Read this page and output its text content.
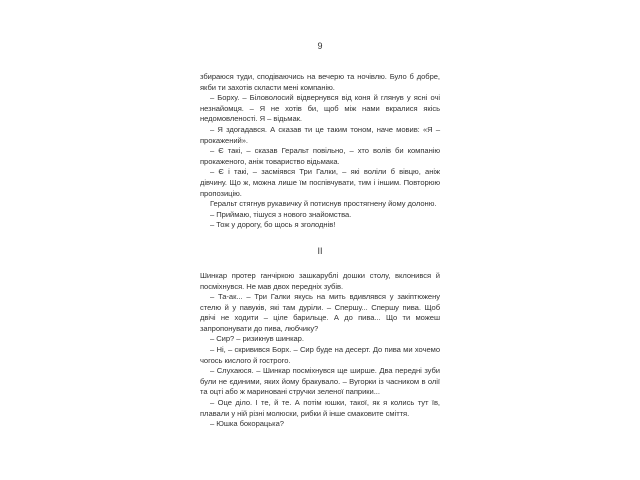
9

збираюся туди, сподіваючись на вечерю та ночівлю. Було б добре, якби ти захотів скласти мені компанію.

– Борху. – Біловолосий відвернувся від коня й глянув у ясні очі незнайомця. – Я не хотів би, щоб між нами вкралися якісь недомовленості. Я – відьмак.

– Я здогадався. А сказав ти це таким тоном, наче мовив: «Я – прокажений».

– Є такі, – сказав Геральт повільно, – хто волів би компанію прокаженого, аніж товариство відьмака.

– Є і такі, – засміявся Три Галки, – які воліли б вівцю, аніж дівчину. Що ж, можна лише їм поспівчувати, тим і іншим. Повторюю пропозицію.

Геральт стягнув рукавичку й потиснув простягнену йому долоню.

– Приймаю, тішуся з нового знайомства.

– Тож у дорогу, бо щось я зголоднів!

II

Шинкар протер ганчіркою зашкарублі дошки столу, вклонився й посміхнувся. Не мав двох передніх зубів.

– Та-ак... – Три Галки якусь на мить вдивлявся у закіптюжену стелю й у павуків, які там дуріли. – Спершу... Спершу пива. Щоб двічі не ходити – ціле барильце. А до пива... Що ти можеш запропонувати до пива, любчику?

– Сир? – ризикнув шинкар.

– Ні, – скривився Борх. – Сир буде на десерт. До пива ми хочемо чогось кислого й гострого.

– Слухаюся. – Шинкар посміхнувся ще ширше. Два передні зуби були не єдиними, яких йому бракувало. – Вугорки із часником в олії та оцті або ж мариновані стручки зеленої паприки...

– Оце діло. І те, й те. А потім юшки, такої, як я колись тут їв, плавали у ній різні молюски, рибки й інше смаковите сміття.

– Юшка бокорацька?
